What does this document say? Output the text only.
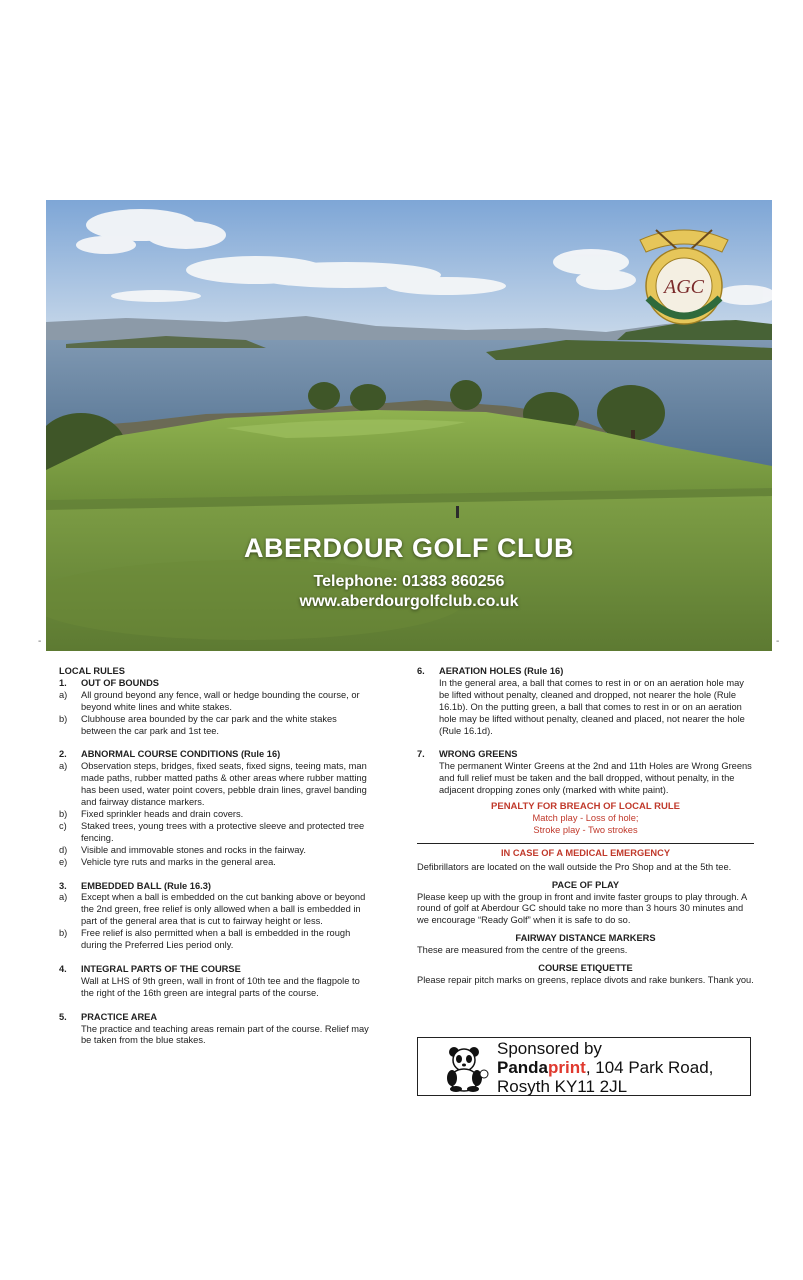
ABERDOUR GOLF CLUB
Telephone: 01383 860256
www.aberdourgolfclub.co.uk
AGC
-	-
LOCAL RULES
1.	OUT OF BOUNDS
a)	All ground beyond any fence, wall or hedge bounding the course, or beyond white lines and white stakes.
b)	Clubhouse area bounded by the car park and the white stakes between the car park and 1st tee.
2.	ABNORMAL COURSE CONDITIONS (Rule 16)
a)	Observation steps, bridges, fixed seats, fixed signs, teeing mats, man made paths, rubber matted paths & other areas where rubber matting has been used, water point covers, pebble drain lines, gravel banding and fairway distance markers.
b)	Fixed sprinkler heads and drain covers.
c)	Staked trees, young trees with a protective sleeve and protected tree fencing.
d)	Visible and immovable stones and rocks in the fairway.
e)	Vehicle tyre ruts and marks in the general area.
3.	EMBEDDED BALL (Rule 16.3)
a)	Except when a ball is embedded on the cut banking above or beyond the 2nd green, free relief is only allowed when a ball is embedded in part of the general area that is cut to fairway height or less.
b)	Free relief is also permitted when a ball is embedded in the rough during the Preferred Lies period only.
4.	INTEGRAL PARTS OF THE COURSE
Wall at LHS of 9th green, wall in front of 10th tee and the flagpole to the right of the 16th green are integral parts of the course.
5.	PRACTICE AREA
The practice and teaching areas remain part of the course. Relief may be taken from the blue stakes.
6.	AERATION HOLES (Rule 16)
In the general area, a ball that comes to rest in or on an aeration hole may be lifted without penalty, cleaned and dropped, not nearer the hole (Rule 16.1b). On the putting green, a ball that comes to rest in or on an aeration hole may be lifted without penalty, cleaned and placed, not nearer the hole (Rule 16.1d).
7.	WRONG GREENS
The permanent Winter Greens at the 2nd and 11th Holes are Wrong Greens and full relief must be taken and the ball dropped, without penalty, in the adjacent dropping zones only (marked with white paint).
PENALTY FOR BREACH OF LOCAL RULE
Match play - Loss of hole;
Stroke play - Two strokes
IN CASE OF A MEDICAL EMERGENCY
Defibrillators are located on the wall outside the Pro Shop and at the 5th tee.
PACE OF PLAY
Please keep up with the group in front and invite faster groups to play through. A round of golf at Aberdour GC should take no more than 3 hours 30 minutes and we encourage “Ready Golf” when it is safe to do so.
FAIRWAY DISTANCE MARKERS
These are measured from the centre of the greens.
COURSE ETIQUETTE
Please repair pitch marks on greens, replace divots and rake bunkers. Thank you.
Sponsored by
Pandaprint, 104 Park Road,
Rosyth KY11 2JL
